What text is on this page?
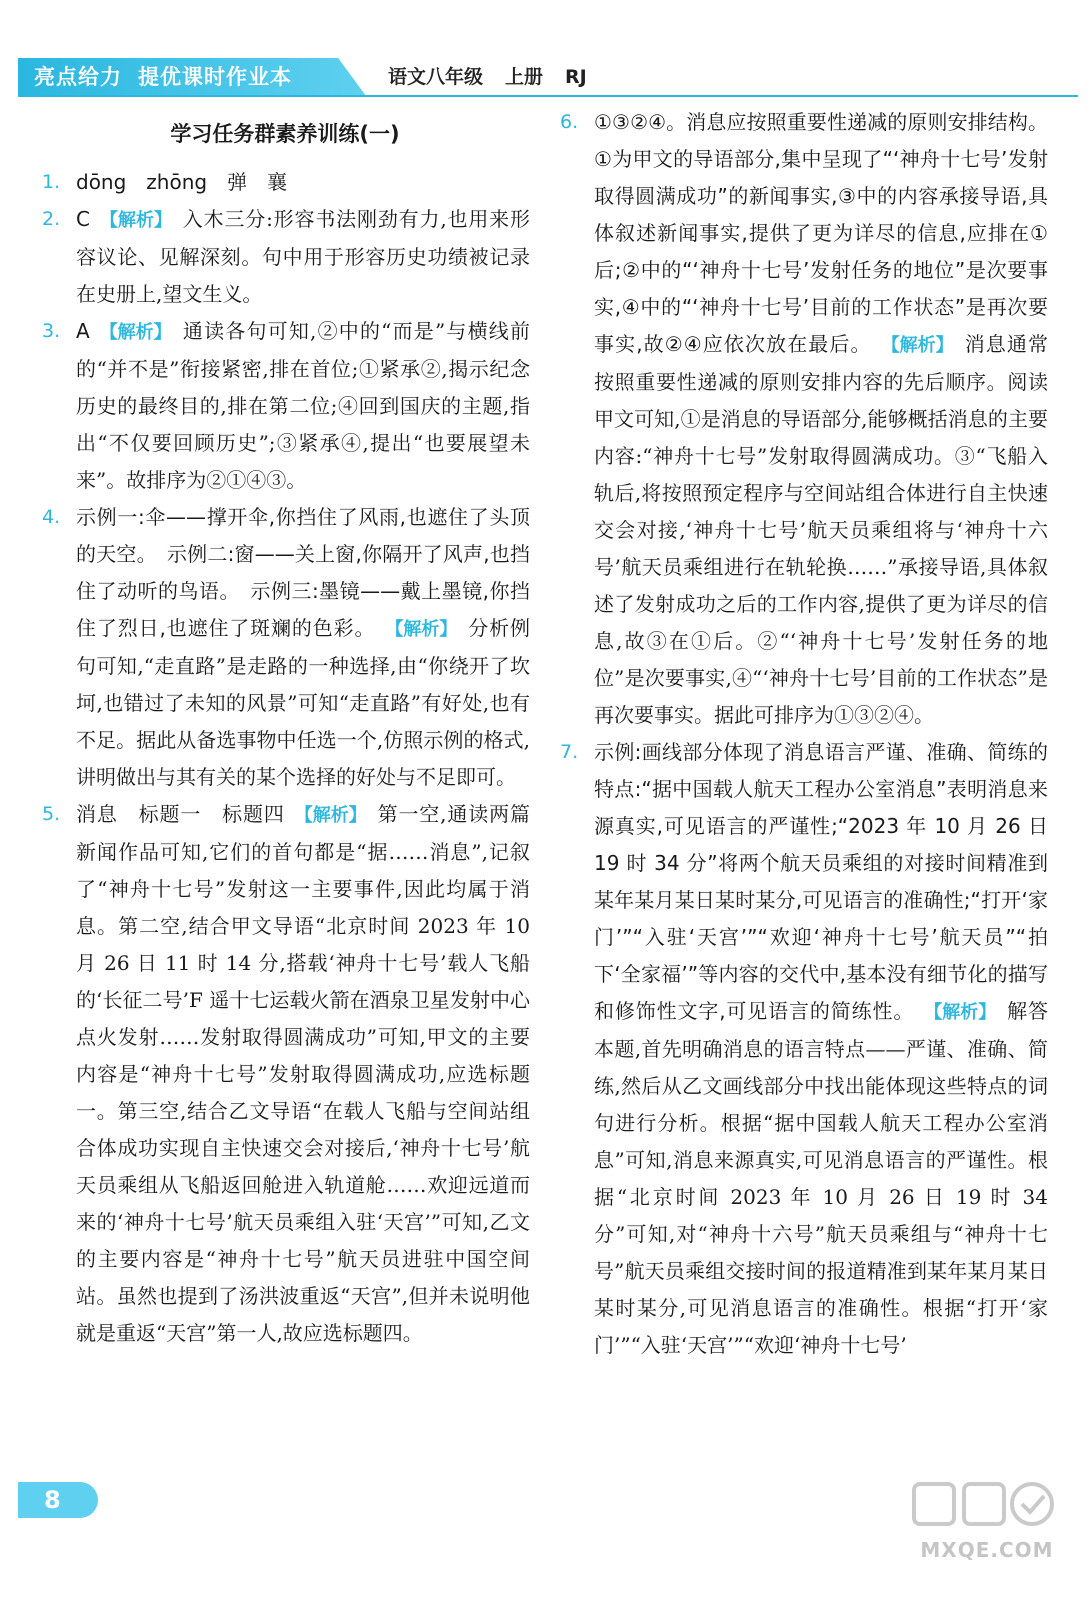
亮点给力 提优课时作业本	语文八年级 上册 RJ
学习任务群素养训练(一)
1. dōng　zhōng　弹　襄
2. C 【解析】 入木三分:形容书法刚劲有力,也用来形容议论、见解深刻。句中用于形容历史功绩被记录在史册上,望文生义。
3. A 【解析】 通读各句可知,②中的“而是”与横线前的“并不是”衔接紧密,排在首位;①紧承②,揭示纪念历史的最终目的,排在第二位;④回到国庆的主题,指出“不仅要回顾历史”;③紧承④,提出“也要展望未来”。故排序为②①④③。
4. 示例一:伞——撑开伞,你挡住了风雨,也遮住了头顶的天空。　示例二:窗——关上窗,你隔开了风声,也挡住了动听的鸟语。　示例三:墨镜——戴上墨镜,你挡住了烈日,也遮住了斑斓的色彩。 【解析】 分析例句可知,“走直路”是走路的一种选择,由“你绕开了坎坷,也错过了未知的风景”可知“走直路”有好处,也有不足。据此从备选事物中任选一个,仿照示例的格式,讲明做出与其有关的某个选择的好处与不足即可。
5. 消息　标题一　标题四 【解析】 第一空,通读两篇新闻作品可知,它们的首句都是“据……消息”,记叙了“神舟十七号”发射这一主要事件,因此均属于消息。第二空,结合甲文导语“北京时间 2023 年 10 月 26 日 11 时 14 分,搭载‘神舟十七号’载人飞船的‘长征二号’F 遥十七运载火箭在酒泉卫星发射中心点火发射……发射取得圆满成功”可知,甲文的主要内容是“神舟十七号”发射取得圆满成功,应选标题一。第三空,结合乙文导语“在载人飞船与空间站组合体成功实现自主快速交会对接后,‘神舟十七号’航天员乘组从飞船返回舱进入轨道舱……欢迎远道而来的‘神舟十七号’航天员乘组入驻‘天宫’”可知,乙文的主要内容是“神舟十七号”航天员进驻中国空间站。虽然也提到了汤洪波重返“天宫”,但并未说明他就是重返“天宫”第一人,故应选标题四。
6. ①③②④。消息应按照重要性递减的原则安排结构。①为甲文的导语部分,集中呈现了“‘神舟十七号’发射取得圆满成功”的新闻事实,③中的内容承接导语,具体叙述新闻事实,提供了更为详尽的信息,应排在①后;②中的“‘神舟十七号’发射任务的地位”是次要事实,④中的“‘神舟十七号’目前的工作状态”是再次要事实,故②④应依次放在最后。 【解析】 消息通常按照重要性递减的原则安排内容的先后顺序。阅读甲文可知,①是消息的导语部分,能够概括消息的主要内容:“神舟十七号”发射取得圆满成功。③“飞船入轨后,将按照预定程序与空间站组合体进行自主快速交会对接,‘神舟十七号’航天员乘组将与‘神舟十六号’航天员乘组进行在轨轮换……”承接导语,具体叙述了发射成功之后的工作内容,提供了更为详尽的信息,故③在①后。②“‘神舟十七号’发射任务的地位”是次要事实,④“‘神舟十七号’目前的工作状态”是再次要事实。据此可排序为①③②④。
7. 示例:画线部分体现了消息语言严谨、准确、简练的特点:“据中国载人航天工程办公室消息”表明消息来源真实,可见语言的严谨性;“2023 年 10 月 26 日 19 时 34 分”将两个航天员乘组的对接时间精准到某年某月某日某时某分,可见语言的准确性;“打开‘家门’”“入驻‘天宫’”“欢迎‘神舟十七号’航天员”“拍下‘全家福’”等内容的交代中,基本没有细节化的描写和修饰性文字,可见语言的简练性。 【解析】 解答本题,首先明确消息的语言特点——严谨、准确、简练,然后从乙文画线部分中找出能体现这些特点的词句进行分析。根据“据中国载人航天工程办公室消息”可知,消息来源真实,可见消息语言的严谨性。根据“北京时间 2023 年 10 月 26 日 19 时 34 分”可知,对“神舟十六号”航天员乘组与“神舟十七号”航天员乘组交接时间的报道精准到某年某月某日某时某分,可见消息语言的准确性。根据“打开‘家门’”“入驻‘天宫’”“欢迎‘神舟十七号’
8
MXQE.COM
